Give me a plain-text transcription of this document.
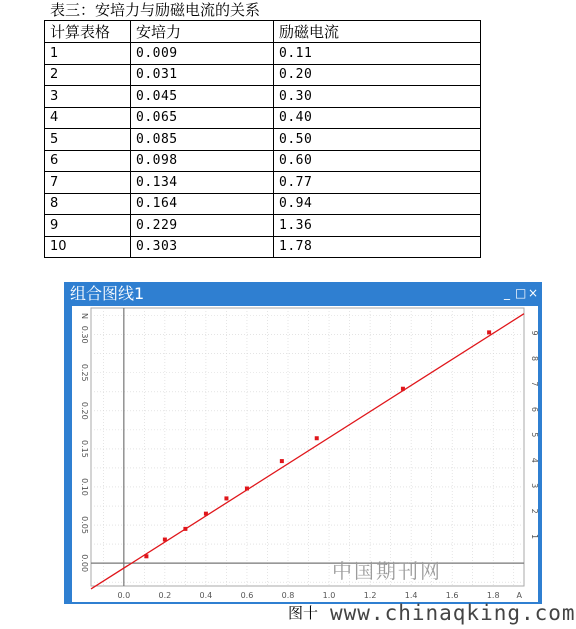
表三：安培力与励磁电流的关系
计算表格	安培力	励磁电流
1	0.009	0.11
2	0.031	0.20
3	0.045	0.30
4	0.065	0.40
5	0.085	0.50
6	0.098	0.60
7	0.134	0.77
8	0.164	0.94
9	0.229	1.36
10	0.303	1.78
组合图线1	_ □ ×
0.0	0.2	0.4	0.6	0.8	1.0	1.2	1.4	1.6	1.8 A
0.00
0.05
0.10
0.15
0.20
0.25
0.30
N
1
2
3
4
5
6
7
8
9
中国期刊网
图十 www.chinaqking.com
